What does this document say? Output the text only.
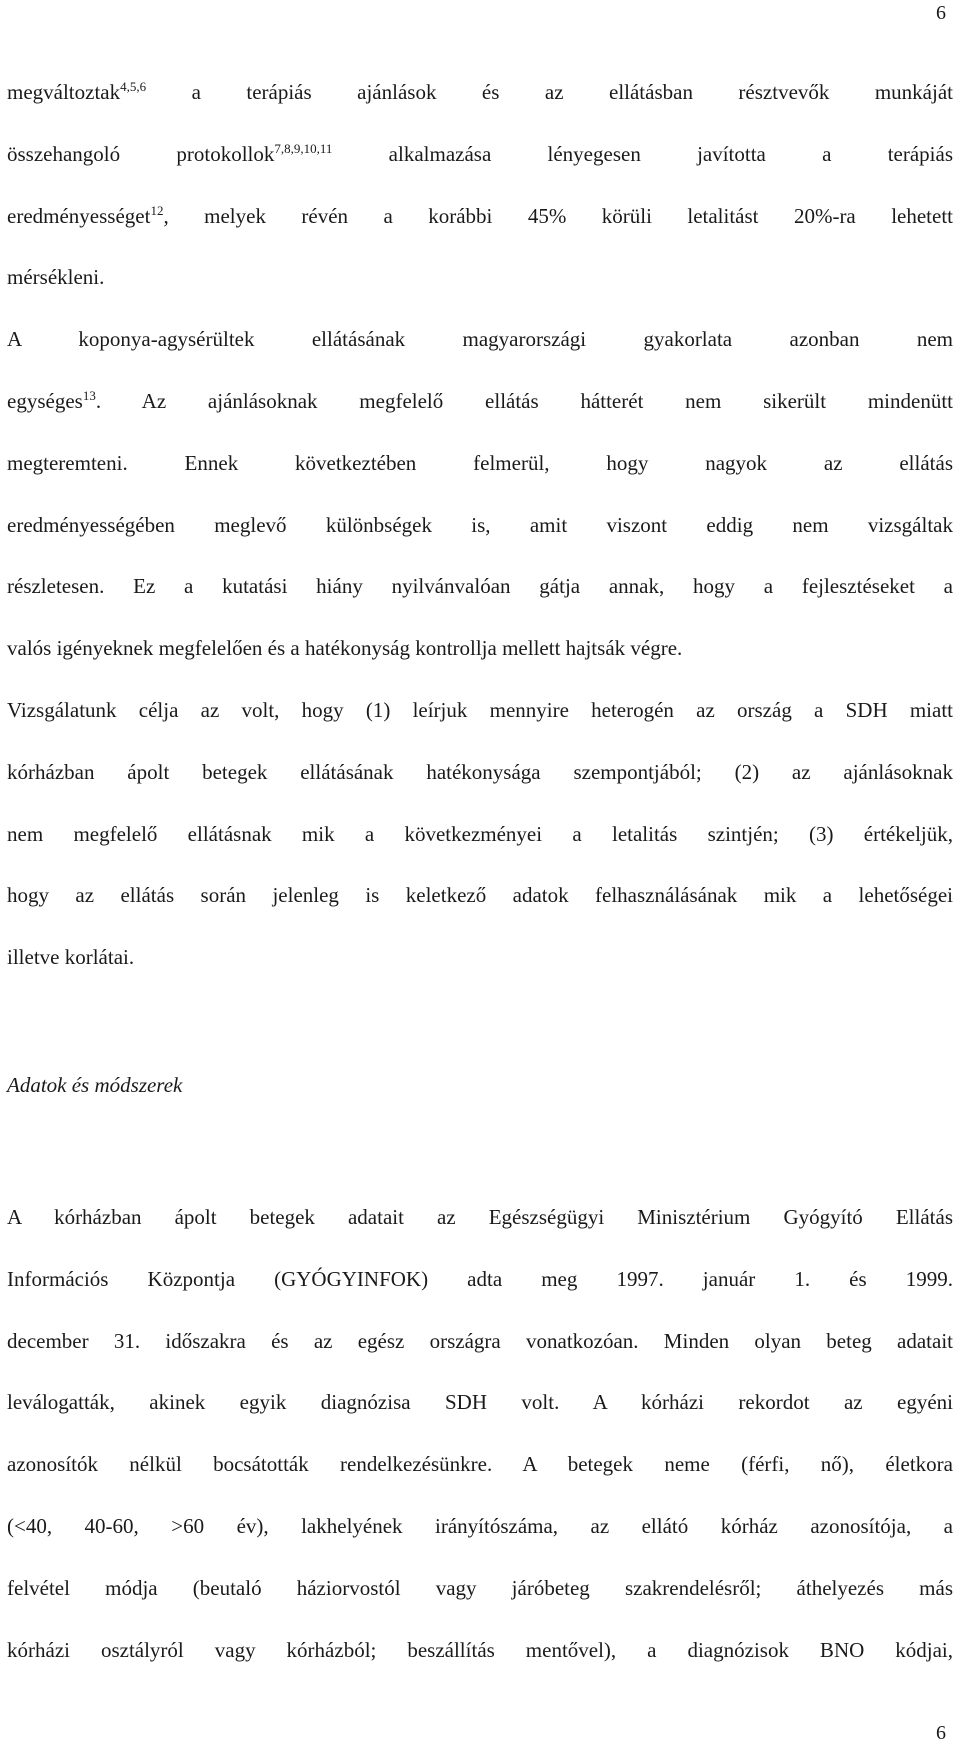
6
megváltoztak$^{4,5,6}$ a terápiás ajánlások és az ellátásban résztvevők munkáját
összehangoló protokollok$^{7,8,9,10,11}$ alkalmazása lényegesen javította a terápiás
eredményességet$^{12}$, melyek révén a korábbi 45% körüli letalitást 20%-ra lehetett
mérsékleni.
A koponya-agysérültek ellátásának magyarországi gyakorlata azonban nem
egységes$^{13}$. Az ajánlásoknak megfelelő ellátás hátterét nem sikerült mindenütt
megteremteni. Ennek következtében felmerül, hogy nagyok az ellátás
eredményességében meglevő különbségek is, amit viszont eddig nem vizsgáltak
részletesen. Ez a kutatási hiány nyilvánvalóan gátja annak, hogy a fejlesztéseket a
valós igényeknek megfelelően és a hatékonyság kontrollja mellett hajtsák végre.
Vizsgálatunk célja az volt, hogy (1) leírjuk mennyire heterogén az ország a SDH miatt
kórházban ápolt betegek ellátásának hatékonysága szempontjából; (2) az ajánlásoknak
nem megfelelő ellátásnak mik a következményei a letalitás szintjén; (3) értékeljük,
hogy az ellátás során jelenleg is keletkező adatok felhasználásának mik a lehetőségei
illetve korlátai.
Adatok és módszerek
A kórházban ápolt betegek adatait az Egészségügyi Minisztérium Gyógyító Ellátás
Információs Központja (GYÓGYINFOK) adta meg 1997. január 1. és 1999.
december 31. időszakra és az egész országra vonatkozóan. Minden olyan beteg adatait
leválogatták, akinek egyik diagnózisa SDH volt. A kórházi rekordot az egyéni
azonosítók nélkül bocsátották rendelkezésünkre. A betegek neme (férfi, nő), életkora
(<40, 40-60, >60 év), lakhelyének irányítószáma, az ellátó kórház azonosítója, a
felvétel módja (beutaló háziorvostól vagy járóbeteg szakrendelésről; áthelyezés más
kórházi osztályról vagy kórházból; beszállítás mentővel), a diagnózisok BNO kódjai,
6
